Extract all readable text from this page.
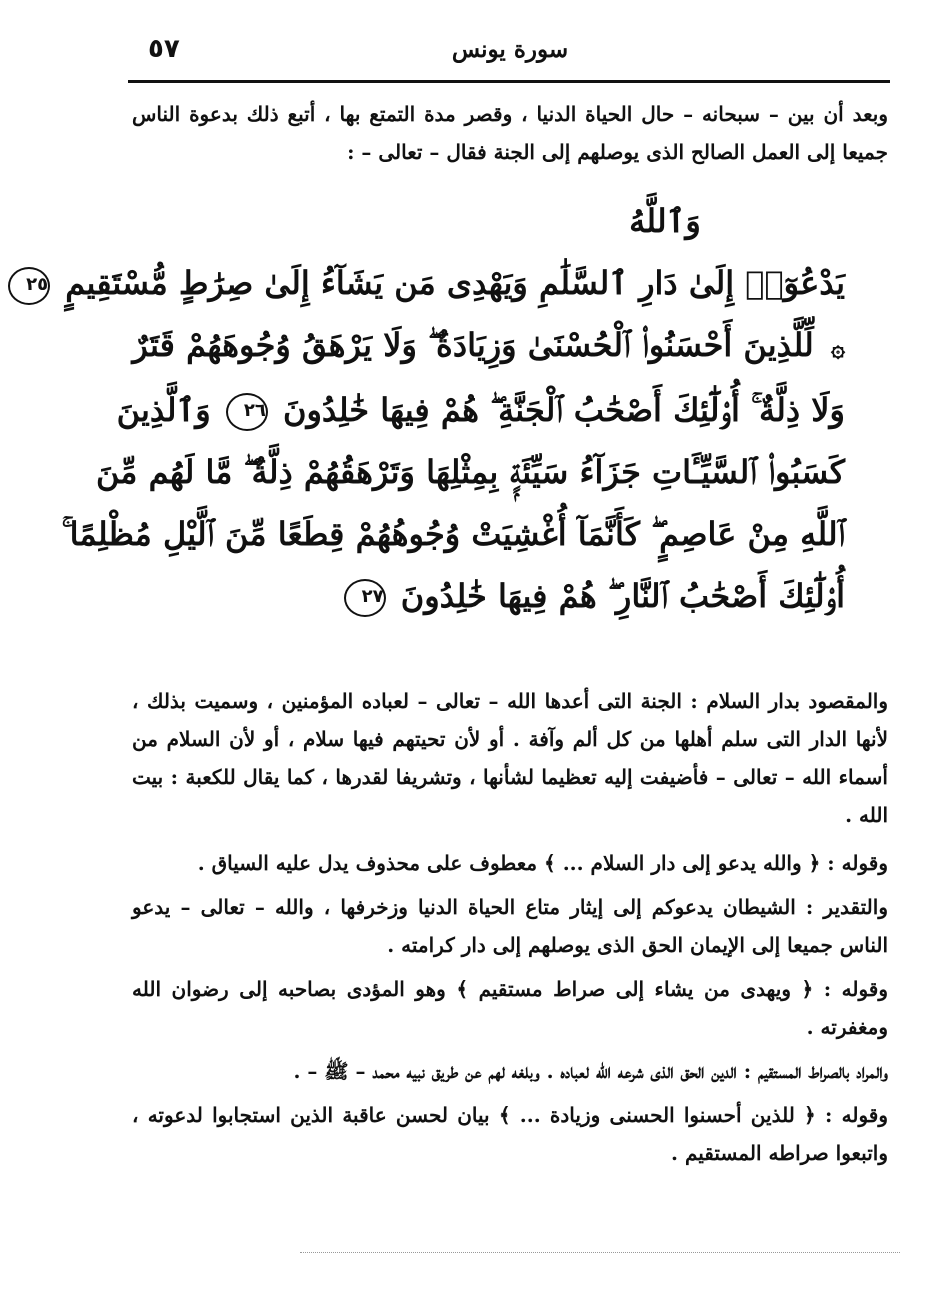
٥٧	سورة يونس
وبعد أن بين – سبحانه – حال الحياة الدنيا ، وقصر مدة التمتع بها ، أتبع ذلك بدعوة الناس جميعا إلى العمل الصالح الذى يوصلهم إلى الجنة فقال – تعالى – :
وَٱللَّهُ
يَدْعُوٓا۟ إِلَىٰ دَارِ ٱلسَّلَٰمِ وَيَهْدِى مَن يَشَآءُ إِلَىٰ صِرَٰطٍ مُّسْتَقِيمٍ ٢٥
۞ لِّلَّذِينَ أَحْسَنُوا۟ ٱلْحُسْنَىٰ وَزِيَادَةٌ ۖ وَلَا يَرْهَقُ وُجُوهَهُمْ قَتَرٌ
وَلَا ذِلَّةٌ ۚ أُو۟لَٰٓئِكَ أَصْحَٰبُ ٱلْجَنَّةِ ۖ هُمْ فِيهَا خَٰلِدُونَ ٢٦ وَٱلَّذِينَ
كَسَبُوا۟ ٱلسَّيِّـَٔاتِ جَزَآءُ سَيِّئَةٍۭ بِمِثْلِهَا وَتَرْهَقُهُمْ ذِلَّةٌ ۖ مَّا لَهُم مِّنَ
ٱللَّهِ مِنْ عَاصِمٍ ۖ كَأَنَّمَآ أُغْشِيَتْ وُجُوهُهُمْ قِطَعًا مِّنَ ٱلَّيْلِ مُظْلِمًا ۚ
أُو۟لَٰٓئِكَ أَصْحَٰبُ ٱلنَّارِ ۖ هُمْ فِيهَا خَٰلِدُونَ ٢٧

والمقصود بدار السلام : الجنة التى أعدها الله – تعالى – لعباده المؤمنين ، وسميت بذلك ، لأنها الدار التى سلم أهلها من كل ألم وآفة . أو لأن تحيتهم فيها سلام ، أو لأن السلام من أسماء الله – تعالى – فأضيفت إليه تعظيما لشأنها ، وتشريفا لقدرها ، كما يقال للكعبة : بيت الله .

وقوله : ﴿ والله يدعو إلى دار السلام ... ﴾ معطوف على محذوف يدل عليه السياق .

والتقدير : الشيطان يدعوكم إلى إيثار متاع الحياة الدنيا وزخرفها ، والله – تعالى – يدعو الناس جميعا إلى الإيمان الحق الذى يوصلهم إلى دار كرامته .

وقوله : ﴿ ويهدى من يشاء إلى صراط مستقيم ﴾ وهو المؤدى بصاحبه إلى رضوان الله ومغفرته .

والمراد بالصراط المستقيم : الدين الحق الذى شرعه الله لعباده . وبلغه لهم عن طريق نبيه محمد – ﷺ – .

وقوله : ﴿ للذين أحسنوا الحسنى وزيادة ... ﴾ بيان لحسن عاقبة الذين استجابوا لدعوته ، واتبعوا صراطه المستقيم .
